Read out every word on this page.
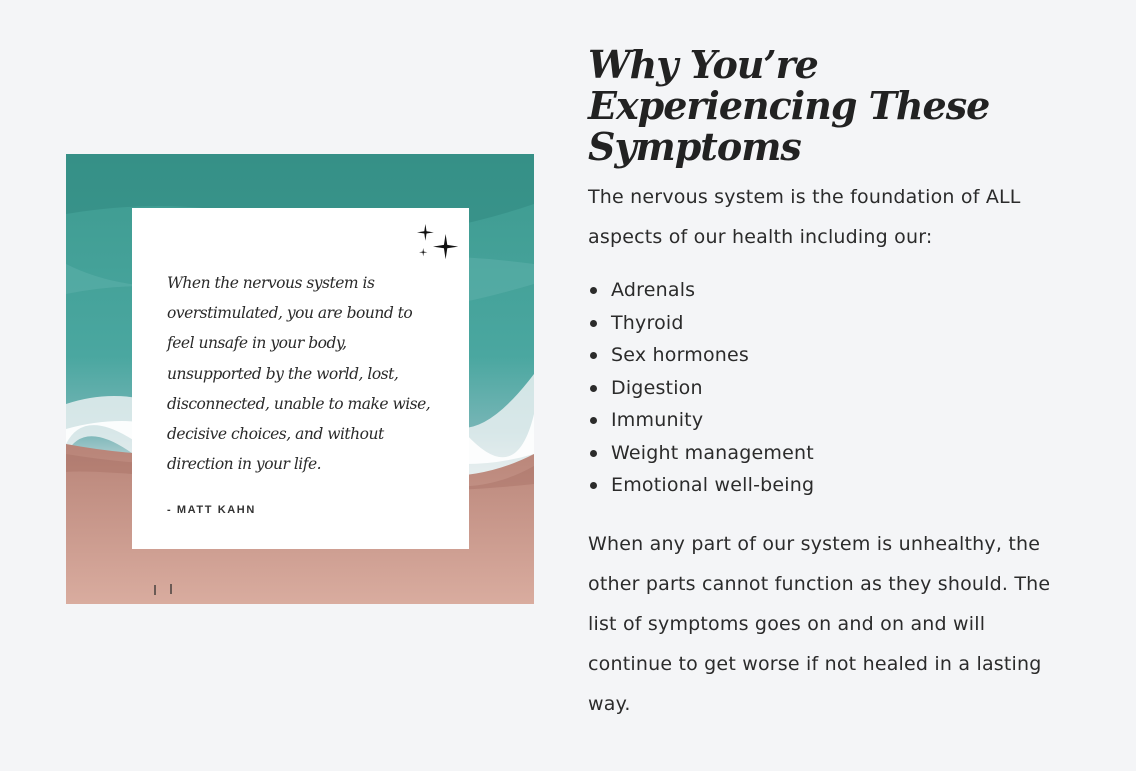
When the nervous system is overstimulated, you are bound to feel unsafe in your body, unsupported by the world, lost, disconnected, unable to make wise, decisive choices, and without direction in your life.

- MATT KAHN

Why You’re Experiencing These Symptoms

The nervous system is the foundation of ALL aspects of our health including our:

Adrenals
Thyroid
Sex hormones
Digestion
Immunity
Weight management
Emotional well-being

When any part of our system is unhealthy, the other parts cannot function as they should. The list of symptoms goes on and on and will continue to get worse if not healed in a lasting way.
